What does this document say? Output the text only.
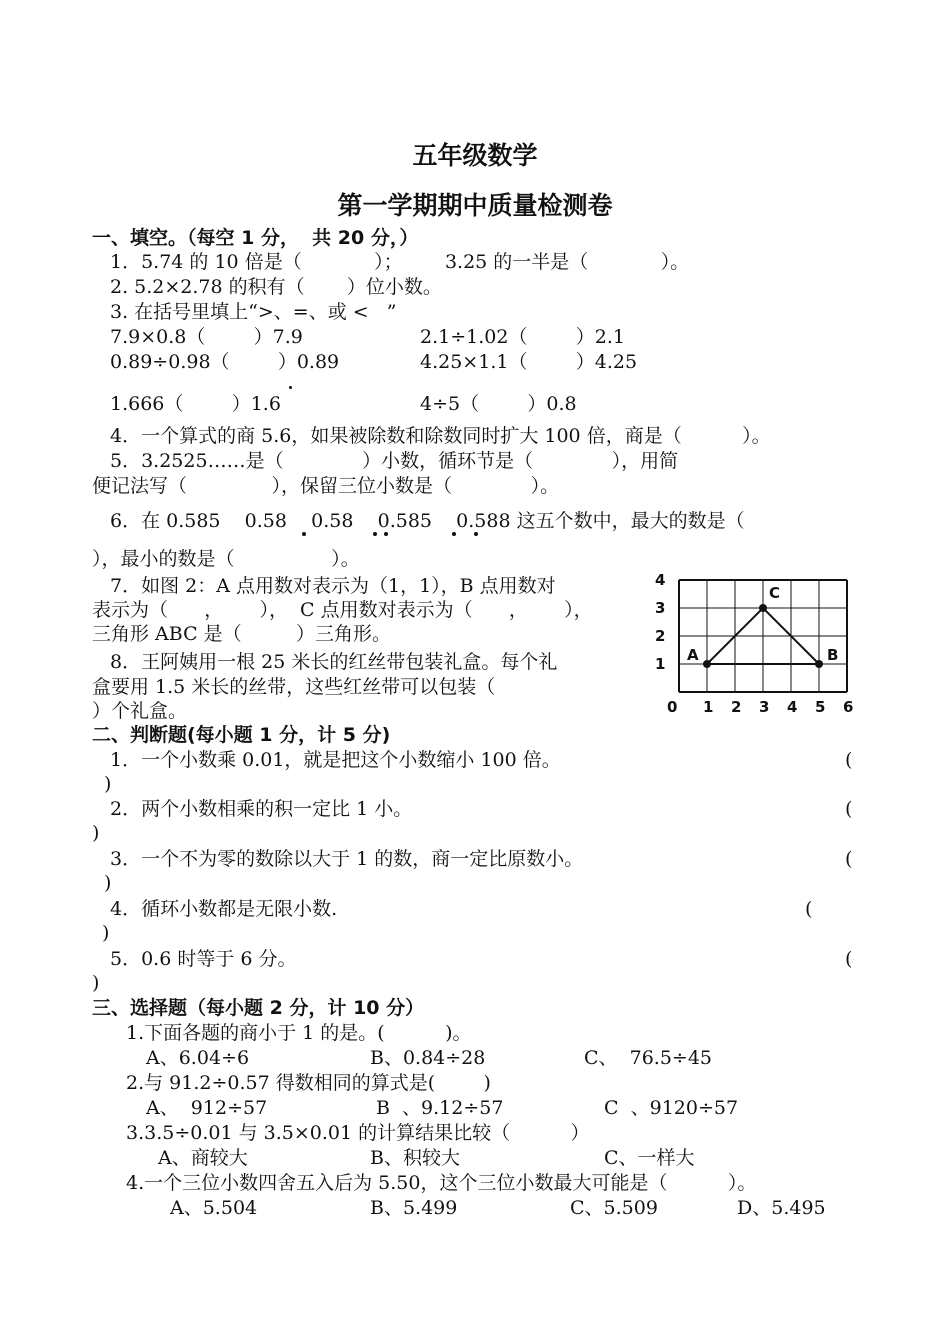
五年级数学
第一学期期中质量检测卷
一、填空。（每空 1 分，  共 20 分，）
1．5.74 的 10 倍是（            ）；       3.25 的一半是（            ）。
2. 5.2×2.78 的积有（       ）位小数。
3. 在括号里填上“>、=、或 <   ”
7.9×0.8（        ）7.9	2.1÷1.02（        ）2.1
0.89÷0.98（        ）0.89	4.25×1.1（        ）4.25
1.666（        ）1.6	4÷5（        ）0.8
4．一个算式的商 5.6，如果被除数和除数同时扩大 100 倍，商是（          ）。
5．3.2525……是（             ）小数，循环节是（             ），用简
便记法写（              ），保留三位小数是（             ）。
6．在 0.585    0.58    0.58    0.585    0.588 这五个数中，最大的数是（
），最小的数是（                ）。
7．如图 2：A 点用数对表示为（1，1），B 点用数对
表示为（      ，      ），  C 点用数对表示为（      ，      ），
三角形 ABC 是（         ）三角形。
8．王阿姨用一根 25 米长的红丝带包装礼盒。每个礼
盒要用 1.5 米长的丝带，这些红丝带可以包装（
）个礼盒。	0 1 2 3 4 5 6
1
2
3
4
A	B
C
二、判断题(每小题 1 分，计 5 分)
1．一个小数乘 0.01，就是把这个小数缩小 100 倍。	(
)
2．两个小数相乘的积一定比 1 小。	(
)
3．一个不为零的数除以大于 1 的数，商一定比原数小。	(
)
4．循环小数都是无限小数.	(
)
5．0.6 时等于 6 分。	(
)
三、选择题（每小题 2 分，计 10 分）
1.下面各题的商小于 1 的是。(          )。
A、6.04÷6	B、0.84÷28	C、  76.5÷45
2.与 91.2÷0.57 得数相同的算式是(        )
A、  912÷57	B  、9.12÷57	C  、9120÷57
3.3.5÷0.01 与 3.5×0.01 的计算结果比较（          ）
A、商较大	B、积较大	C、一样大
4.一个三位小数四舍五入后为 5.50，这个三位小数最大可能是（          ）。
A、5.504	B、5.499	C、5.509	D、5.495
